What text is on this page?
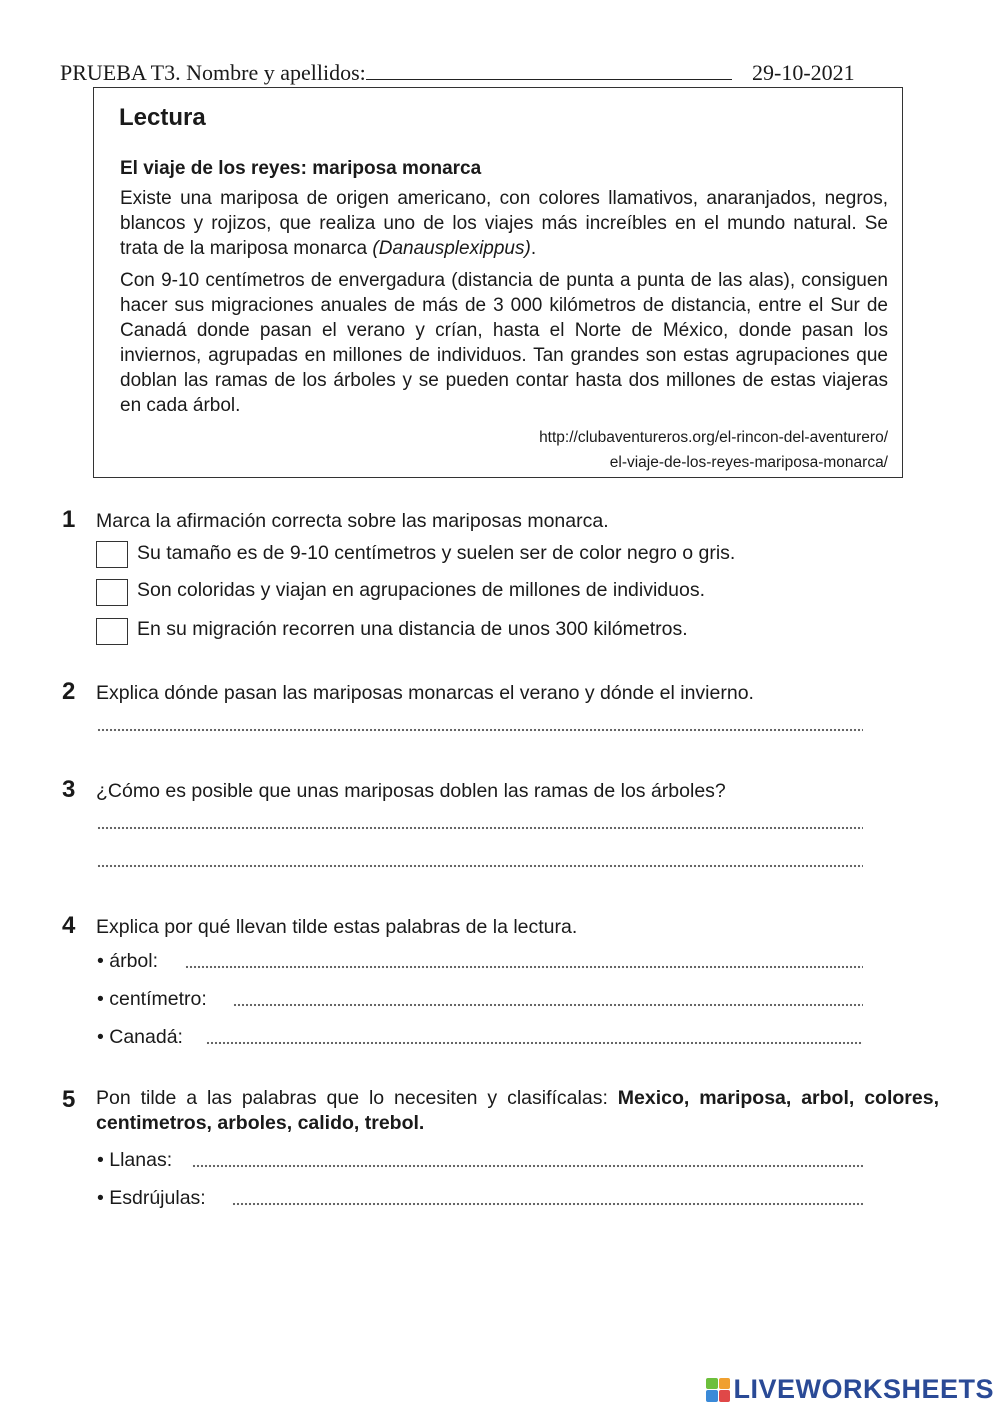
PRUEBA T3. Nombre y apellidos:	29-10-2021
Lectura
El viaje de los reyes: mariposa monarca
Existe una mariposa de origen americano, con colores llamativos, anaranjados, negros, blancos y rojizos, que realiza uno de los viajes más increíbles en el mundo natural. Se trata de la mariposa monarca (Danausplexippus).
Con 9-10 centímetros de envergadura (distancia de punta a punta de las alas), consiguen hacer sus migraciones anuales de más de 3 000 kilómetros de distancia, entre el Sur de Canadá donde pasan el verano y crían, hasta el Norte de México, donde pasan los inviernos, agrupadas en millones de individuos. Tan grandes son estas agrupaciones que doblan las ramas de los árboles y se pueden contar hasta dos millones de estas viajeras en cada árbol.
http://clubaventureros.org/el-rincon-del-aventurero/
el-viaje-de-los-reyes-mariposa-monarca/
1 Marca la afirmación correcta sobre las mariposas monarca.
Su tamaño es de 9-10 centímetros y suelen ser de color negro o gris.
Son coloridas y viajan en agrupaciones de millones de individuos.
En su migración recorren una distancia de unos 300 kilómetros.
2 Explica dónde pasan las mariposas monarcas el verano y dónde el invierno.
3 ¿Cómo es posible que unas mariposas doblen las ramas de los árboles?
4 Explica por qué llevan tilde estas palabras de la lectura.
• árbol:
• centímetro:
• Canadá:
5 Pon tilde a las palabras que lo necesiten y clasifícalas: Mexico, mariposa, arbol, colores, centimetros, arboles, calido, trebol.
• Llanas:
• Esdrújulas:
LIVEWORKSHEETS
